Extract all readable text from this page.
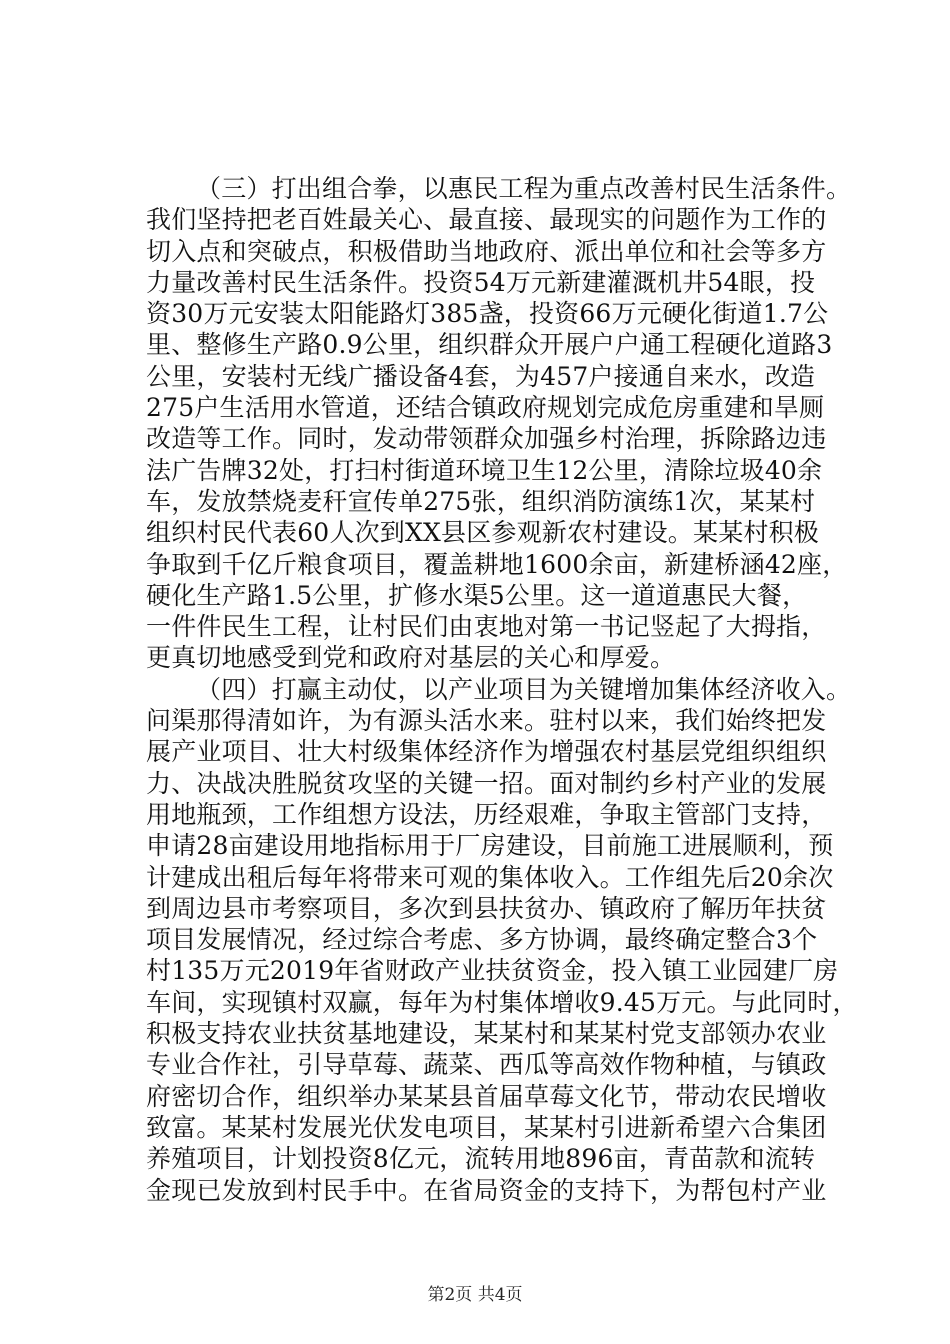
（三）打出组合拳，以惠民工程为重点改善村民生活条件。
我们坚持把老百姓最关心、最直接、最现实的问题作为工作的
切入点和突破点，积极借助当地政府、派出单位和社会等多方
力量改善村民生活条件。投资54万元新建灌溉机井54眼，投
资30万元安装太阳能路灯385盏，投资66万元硬化街道1.7公
里、整修生产路0.9公里，组织群众开展户户通工程硬化道路3
公里，安装村无线广播设备4套，为457户接通自来水，改造
275户生活用水管道，还结合镇政府规划完成危房重建和旱厕
改造等工作。同时，发动带领群众加强乡村治理，拆除路边违
法广告牌32处，打扫村街道环境卫生12公里，清除垃圾40余
车，发放禁烧麦秆宣传单275张，组织消防演练1次，某某村
组织村民代表60人次到XX县区参观新农村建设。某某村积极
争取到千亿斤粮食项目，覆盖耕地1600余亩，新建桥涵42座，
硬化生产路1.5公里，扩修水渠5公里。这一道道惠民大餐，
一件件民生工程，让村民们由衷地对第一书记竖起了大拇指，
更真切地感受到党和政府对基层的关心和厚爱。
（四）打赢主动仗，以产业项目为关键增加集体经济收入。
问渠那得清如许，为有源头活水来。驻村以来，我们始终把发
展产业项目、壮大村级集体经济作为增强农村基层党组织组织
力、决战决胜脱贫攻坚的关键一招。面对制约乡村产业的发展
用地瓶颈，工作组想方设法，历经艰难，争取主管部门支持，
申请28亩建设用地指标用于厂房建设，目前施工进展顺利，预
计建成出租后每年将带来可观的集体收入。工作组先后20余次
到周边县市考察项目，多次到县扶贫办、镇政府了解历年扶贫
项目发展情况，经过综合考虑、多方协调，最终确定整合3个
村135万元2019年省财政产业扶贫资金，投入镇工业园建厂房
车间，实现镇村双赢，每年为村集体增收9.45万元。与此同时，
积极支持农业扶贫基地建设，某某村和某某村党支部领办农业
专业合作社，引导草莓、蔬菜、西瓜等高效作物种植，与镇政
府密切合作，组织举办某某县首届草莓文化节，带动农民增收
致富。某某村发展光伏发电项目，某某村引进新希望六合集团
养殖项目，计划投资8亿元，流转用地896亩，青苗款和流转
金现已发放到村民手中。在省局资金的支持下，为帮包村产业
第2页 共4页
